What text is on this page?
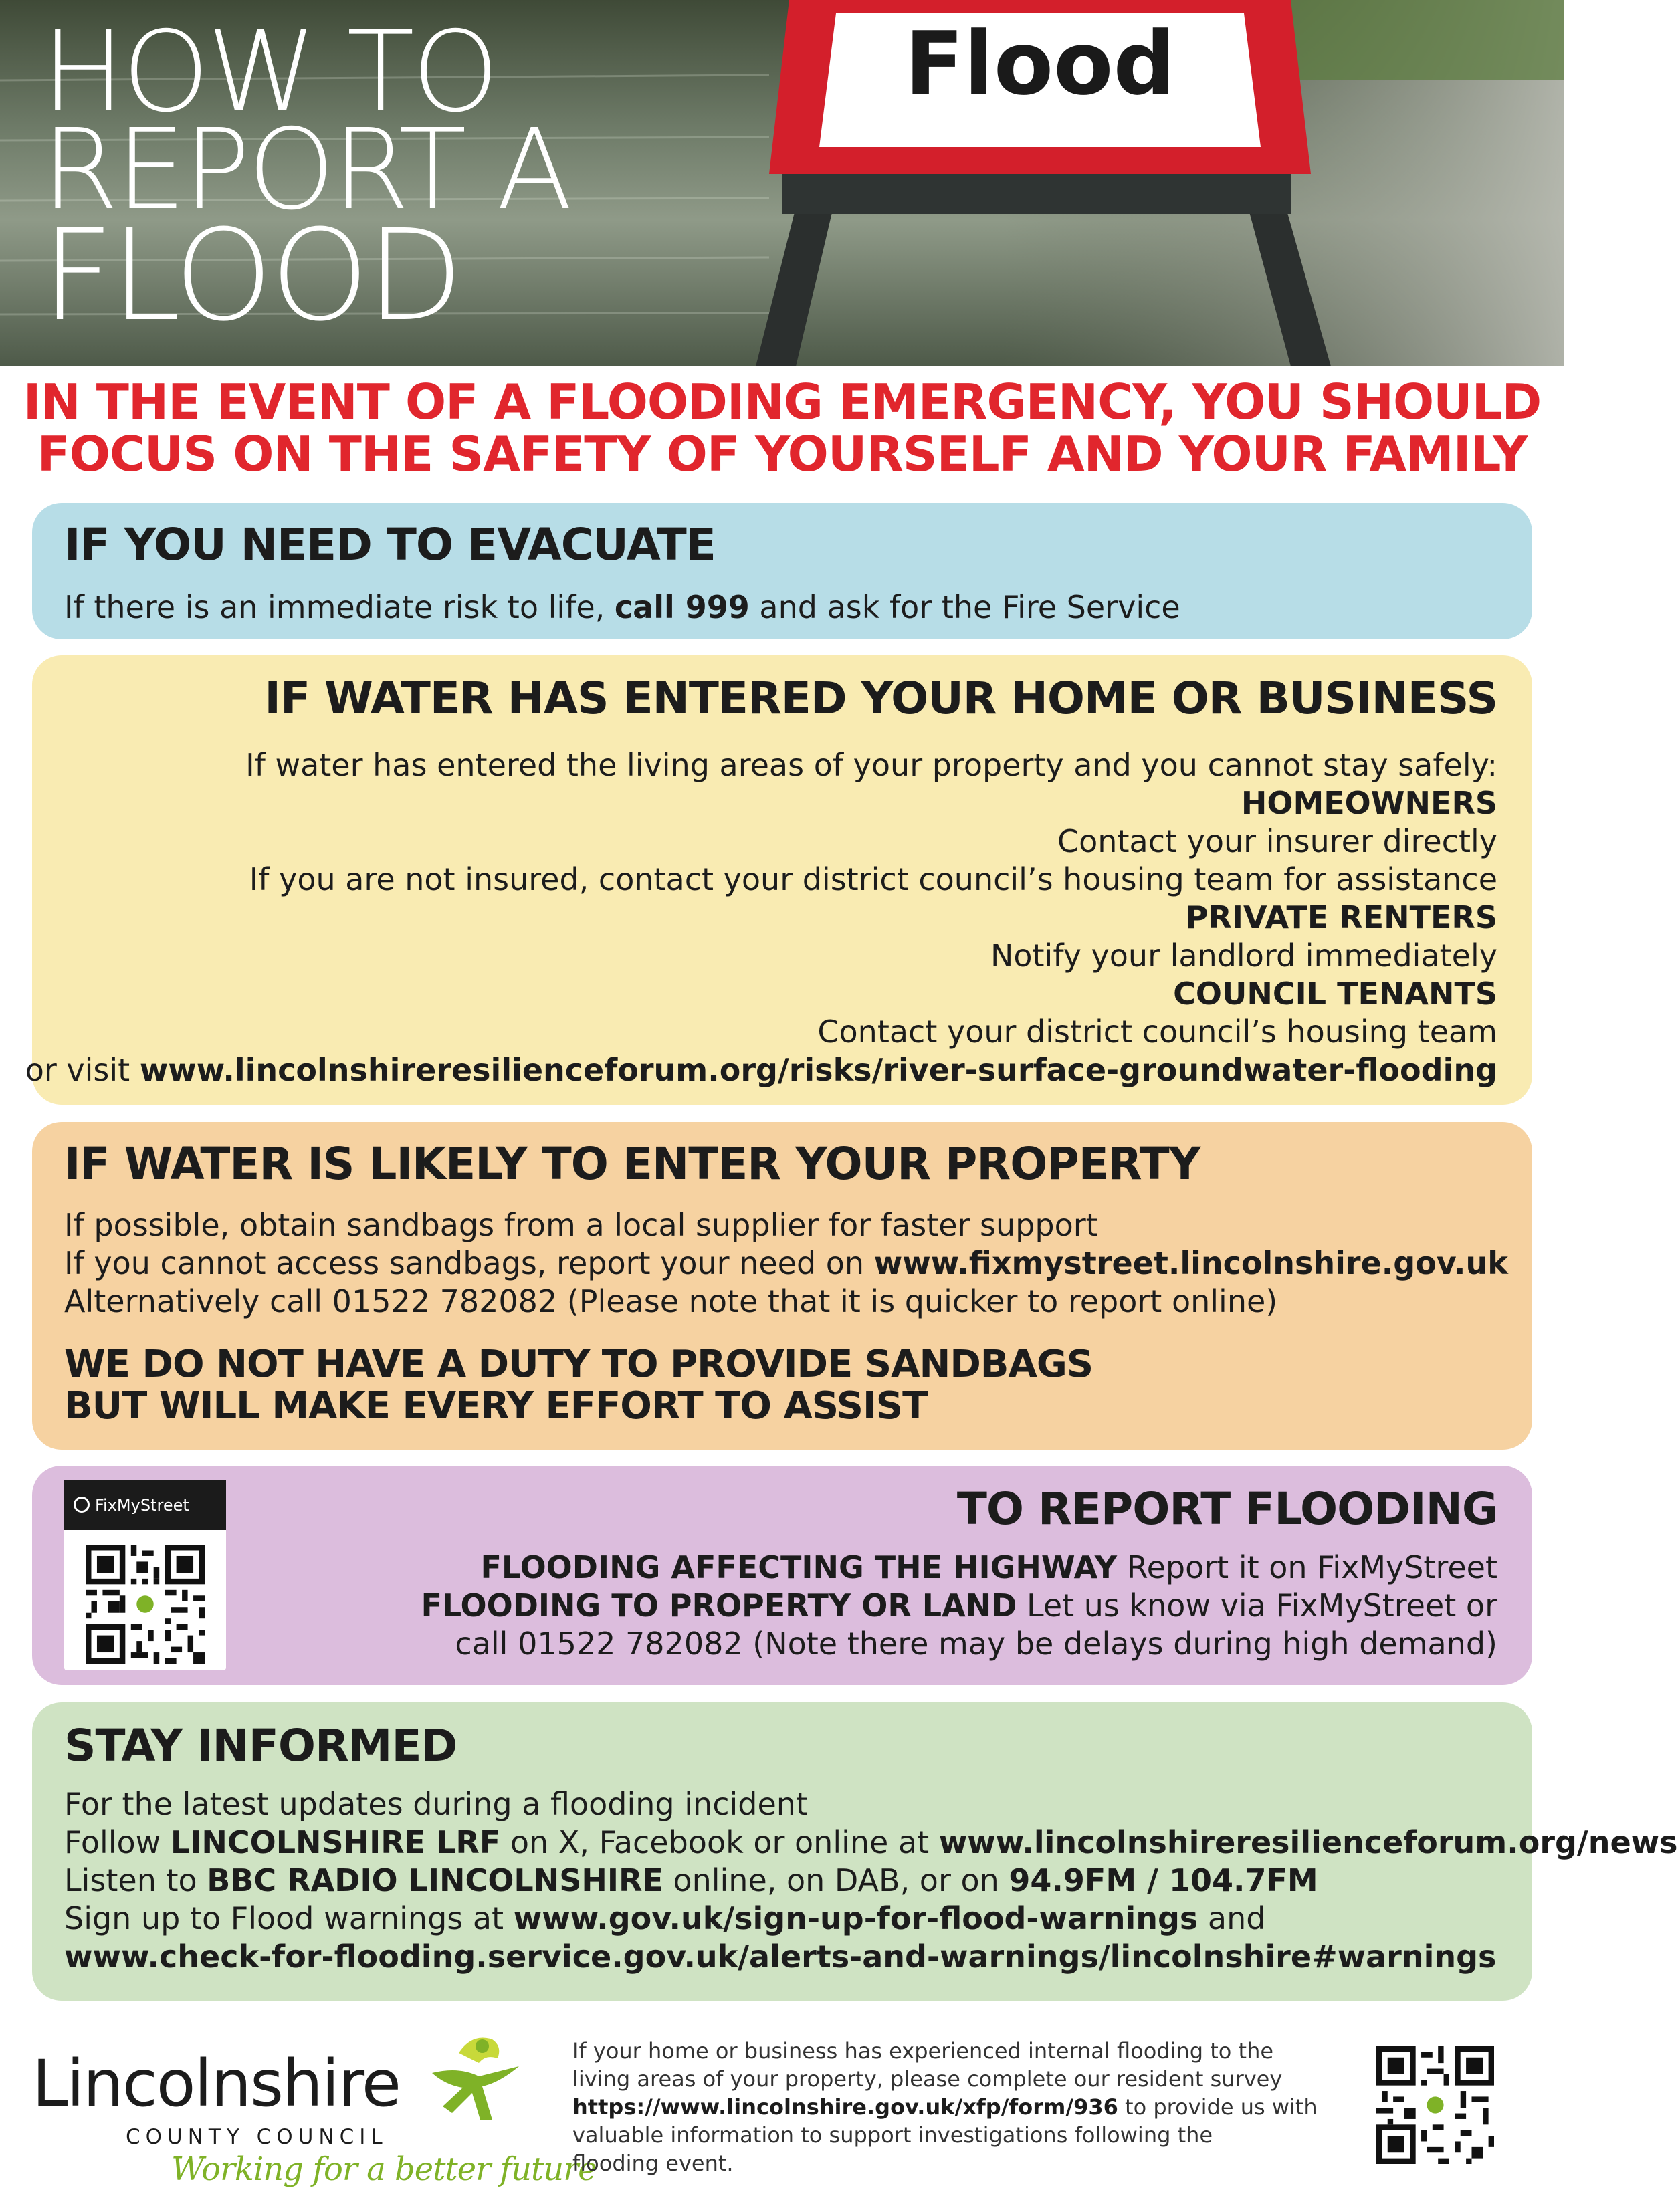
Flood
HOW TO
REPORT A
FLOOD
IN THE EVENT OF A FLOODING EMERGENCY, YOU SHOULD
FOCUS ON THE SAFETY OF YOURSELF AND YOUR FAMILY
IF YOU NEED TO EVACUATE
If there is an immediate risk to life, call 999 and ask for the Fire Service
IF WATER HAS ENTERED YOUR HOME OR BUSINESS
If water has entered the living areas of your property and you cannot stay safely:
HOMEOWNERS
Contact your insurer directly
If you are not insured, contact your district council’s housing team for assistance
PRIVATE RENTERS
Notify your landlord immediately
COUNCIL TENANTS
Contact your district council’s housing team
or visit www.lincolnshireresilienceforum.org/risks/river-surface-groundwater-flooding
IF WATER IS LIKELY TO ENTER YOUR PROPERTY
If possible, obtain sandbags from a local supplier for faster support
If you cannot access sandbags, report your need on www.fixmystreet.lincolnshire.gov.uk
Alternatively call 01522 782082 (Please note that it is quicker to report online)
WE DO NOT HAVE A DUTY TO PROVIDE SANDBAGS
BUT WILL MAKE EVERY EFFORT TO ASSIST
FixMyStreet	TO REPORT FLOODING
FLOODING AFFECTING THE HIGHWAY Report it on FixMyStreet
FLOODING TO PROPERTY OR LAND Let us know via FixMyStreet or
call 01522 782082 (Note there may be delays during high demand)
STAY INFORMED
For the latest updates during a flooding incident
Follow LINCOLNSHIRE LRF on X, Facebook or online at www.lincolnshireresilienceforum.org/news
Listen to BBC RADIO LINCOLNSHIRE online, on DAB, or on 94.9FM / 104.7FM
Sign up to Flood warnings at www.gov.uk/sign-up-for-flood-warnings and
www.check-for-flooding.service.gov.uk/alerts-and-warnings/lincolnshire#warnings
Lincolnshire
COUNTY COUNCIL
Working for a better future
If your home or business has experienced internal flooding to the
living areas of your property, please complete our resident survey
https://www.lincolnshire.gov.uk/xfp/form/936 to provide us with
valuable information to support investigations following the
flooding event.
